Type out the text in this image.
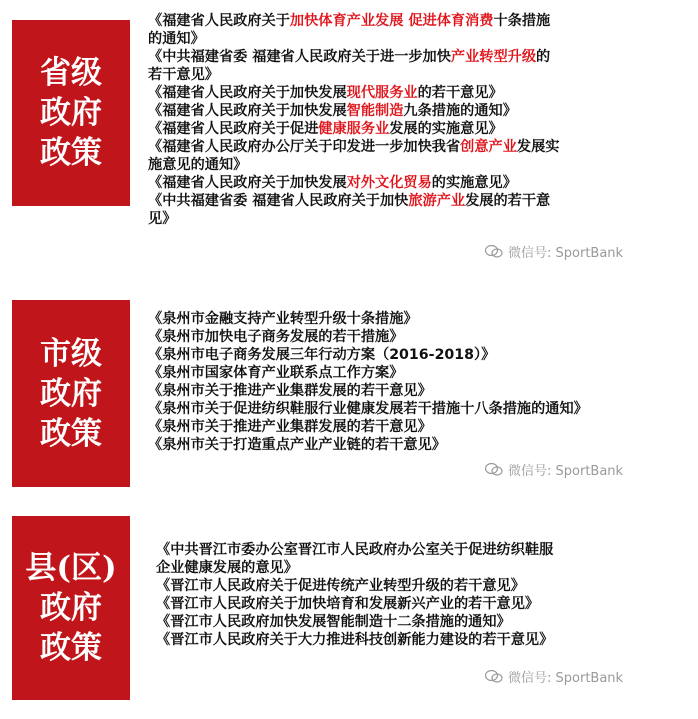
省级
政府
政策
《福建省人民政府关于加快体育产业发展 促进体育消费十条措施
的通知》
《中共福建省委 福建省人民政府关于进一步加快产业转型升级的
若干意见》
《福建省人民政府关于加快发展现代服务业的若干意见》
《福建省人民政府关于加快发展智能制造九条措施的通知》
《福建省人民政府关于促进健康服务业发展的实施意见》
《福建省人民政府办公厅关于印发进一步加快我省创意产业发展实
施意见的通知》
《福建省人民政府关于加快发展对外文化贸易的实施意见》
《中共福建省委 福建省人民政府关于加快旅游产业发展的若干意
见》
市级
政府
政策
《泉州市金融支持产业转型升级十条措施》
《泉州市加快电子商务发展的若干措施》
《泉州市电子商务发展三年行动方案（2016-2018）》
《泉州市国家体育产业联系点工作方案》
《泉州市关于推进产业集群发展的若干意见》
《泉州市关于促进纺织鞋服行业健康发展若干措施十八条措施的通知》
《泉州市关于推进产业集群发展的若干意见》
《泉州市关于打造重点产业产业链的若干意见》
县(区)
政府
政策
《中共晋江市委办公室晋江市人民政府办公室关于促进纺织鞋服
企业健康发展的意见》
《晋江市人民政府关于促进传统产业转型升级的若干意见》
《晋江市人民政府关于加快培育和发展新兴产业的若干意见》
《晋江市人民政府加快发展智能制造十二条措施的通知》
《晋江市人民政府关于大力推进科技创新能力建设的若干意见》
微信号: SportBank
微信号: SportBank
微信号: SportBank
